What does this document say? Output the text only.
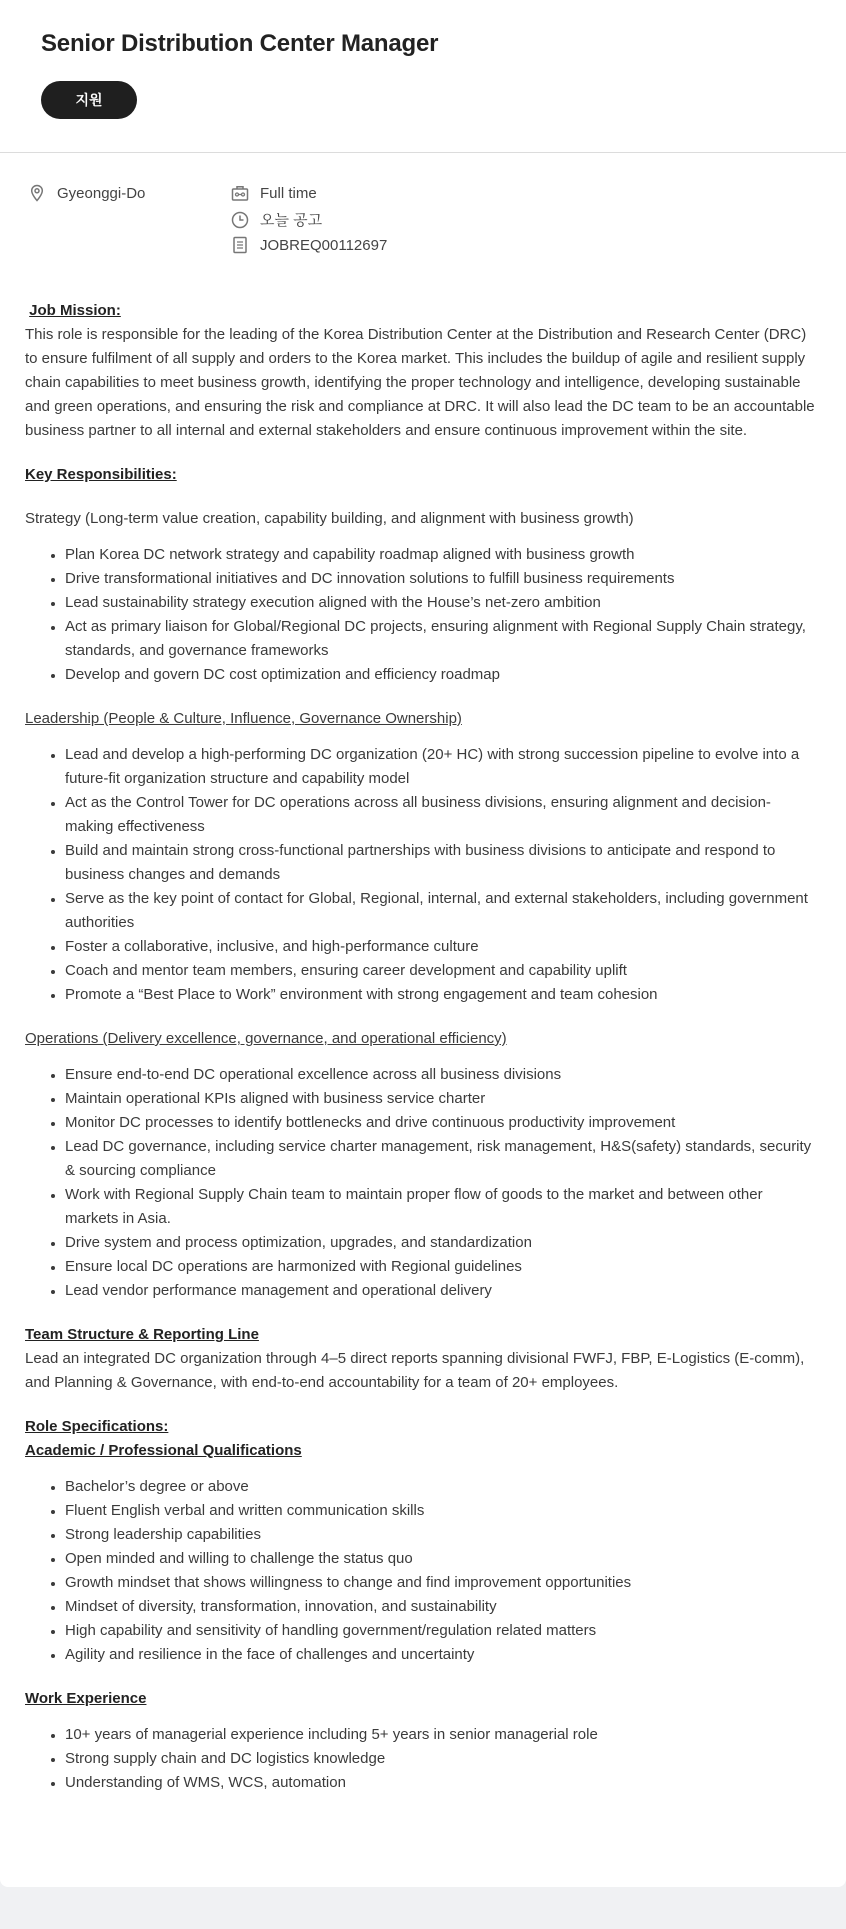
Senior Distribution Center Manager
지원
Gyeonggi-Do	Full time
오늘 공고
JOBREQ00112697

Job Mission:

This role is responsible for the leading of the Korea Distribution Center at the Distribution and Research Center (DRC) to ensure fulfilment of all supply and orders to the Korea market. This includes the buildup of agile and resilient supply chain capabilities to meet business growth, identifying the proper technology and intelligence, developing sustainable and green operations, and ensuring the risk and compliance at DRC. It will also lead the DC team to be an accountable business partner to all internal and external stakeholders and ensure continuous improvement within the site.

Key Responsibilities:

Strategy (Long-term value creation, capability building, and alignment with business growth)

• Plan Korea DC network strategy and capability roadmap aligned with business growth
• Drive transformational initiatives and DC innovation solutions to fulfill business requirements
• Lead sustainability strategy execution aligned with the House’s net-zero ambition
• Act as primary liaison for Global/Regional DC projects, ensuring alignment with Regional Supply Chain strategy, standards, and governance frameworks
• Develop and govern DC cost optimization and efficiency roadmap

Leadership (People & Culture, Influence, Governance Ownership)

• Lead and develop a high-performing DC organization (20+ HC) with strong succession pipeline to evolve into a future-fit organization structure and capability model
• Act as the Control Tower for DC operations across all business divisions, ensuring alignment and decision-making effectiveness
• Build and maintain strong cross-functional partnerships with business divisions to anticipate and respond to business changes and demands
• Serve as the key point of contact for Global, Regional, internal, and external stakeholders, including government authorities
• Foster a collaborative, inclusive, and high-performance culture
• Coach and mentor team members, ensuring career development and capability uplift
• Promote a “Best Place to Work” environment with strong engagement and team cohesion

Operations (Delivery excellence, governance, and operational efficiency)

• Ensure end-to-end DC operational excellence across all business divisions
• Maintain operational KPIs aligned with business service charter
• Monitor DC processes to identify bottlenecks and drive continuous productivity improvement
• Lead DC governance, including service charter management, risk management, H&S(safety) standards, security & sourcing compliance
• Work with Regional Supply Chain team to maintain proper flow of goods to the market and between other markets in Asia.
• Drive system and process optimization, upgrades, and standardization
• Ensure local DC operations are harmonized with Regional guidelines
• Lead vendor performance management and operational delivery

Team Structure & Reporting Line

Lead an integrated DC organization through 4–5 direct reports spanning divisional FWFJ, FBP, E-Logistics (E-comm), and Planning & Governance, with end-to-end accountability for a team of 20+ employees.

Role Specifications:

Academic / Professional Qualifications

• Bachelor’s degree or above
• Fluent English verbal and written communication skills
• Strong leadership capabilities
• Open minded and willing to challenge the status quo
• Growth mindset that shows willingness to change and find improvement opportunities
• Mindset of diversity, transformation, innovation, and sustainability
• High capability and sensitivity of handling government/regulation related matters
• Agility and resilience in the face of challenges and uncertainty

Work Experience

• 10+ years of managerial experience including 5+ years in senior managerial role
• Strong supply chain and DC logistics knowledge
• Understanding of WMS, WCS, automation
